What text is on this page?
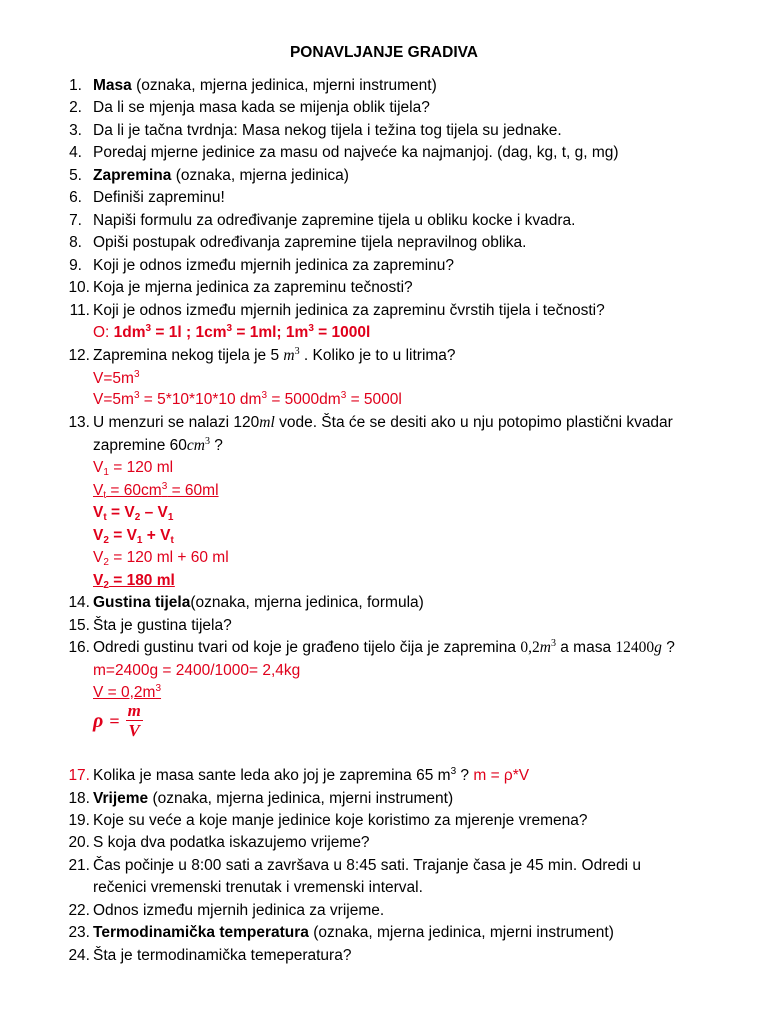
PONAVLJANJE GRADIVA
1. Masa (oznaka, mjerna jedinica, mjerni instrument)
2. Da li se mjenja masa kada se mijenja oblik tijela?
3. Da li je tačna tvrdnja: Masa nekog tijela i težina tog tijela su jednake.
4. Poredaj mjerne jedinice za masu od najveće ka najmanjoj. (dag, kg, t, g, mg)
5. Zapremina (oznaka, mjerna jedinica)
6. Definiši zapreminu!
7. Napiši formulu za određivanje zapremine tijela u obliku kocke i kvadra.
8. Opiši postupak određivanja zapremine tijela nepravilnog oblika.
9. Koji je odnos između mjernih jedinica za zapreminu?
10. Koja je mjerna jedinica za zapreminu tečnosti?
11. Koji je odnos između mjernih jedinica za zapreminu čvrstih tijela i tečnosti?
O: $1dm^3 = 1l$ ; $1cm^3 = 1ml$; $1m^3 = 1000l$
12. Zapremina nekog tijela je 5 $m^3$ . Koliko je to u litrima?
$V=5m^3$
$V=5m^3 = 5*10*10*10$ $dm^3 = 5000dm^3 = 5000l$
13. U menzuri se nalazi 120ml vode. Šta će se desiti ako u nju potopimo plastični kvadar
zapremine $60cm^3$ ?
$V_1 = 120$ ml
$V_t = 60cm^3 = 60ml$
$V_t = V_2 - V_1$
$V_2 = V_1 + V_t$
$V_2 = 120$ ml + 60 ml
$V_2 = 180$ ml
14. Gustina tijela(oznaka, mjerna jedinica, formula)
15. Šta je gustina tijela?
16. Odredi gustinu tvari od koje je građeno tijelo čija je zapremina $0,2m^3$ a masa 12400g ?
m=2400g = 2400/1000= 2,4kg
$V = 0,2m^3$
$\rho = \frac{m}{V}$
17. Kolika je masa sante leda ako joj je zapremina 65 $m^3$ ? m = ρ*V
18. Vrijeme (oznaka, mjerna jedinica, mjerni instrument)
19. Koje su veće a koje manje jedinice koje koristimo za mjerenje vremena?
20. S koja dva podatka iskazujemo vrijeme?
21. Čas počinje u 8:00 sati a završava u 8:45 sati. Trajanje časa je 45 min. Odredi u
rečenici vremenski trenutak i vremenski interval.
22. Odnos između mjernih jedinica za vrijeme.
23. Termodinamička temperatura (oznaka, mjerna jedinica, mjerni instrument)
24. Šta je termodinamička temeperatura?
